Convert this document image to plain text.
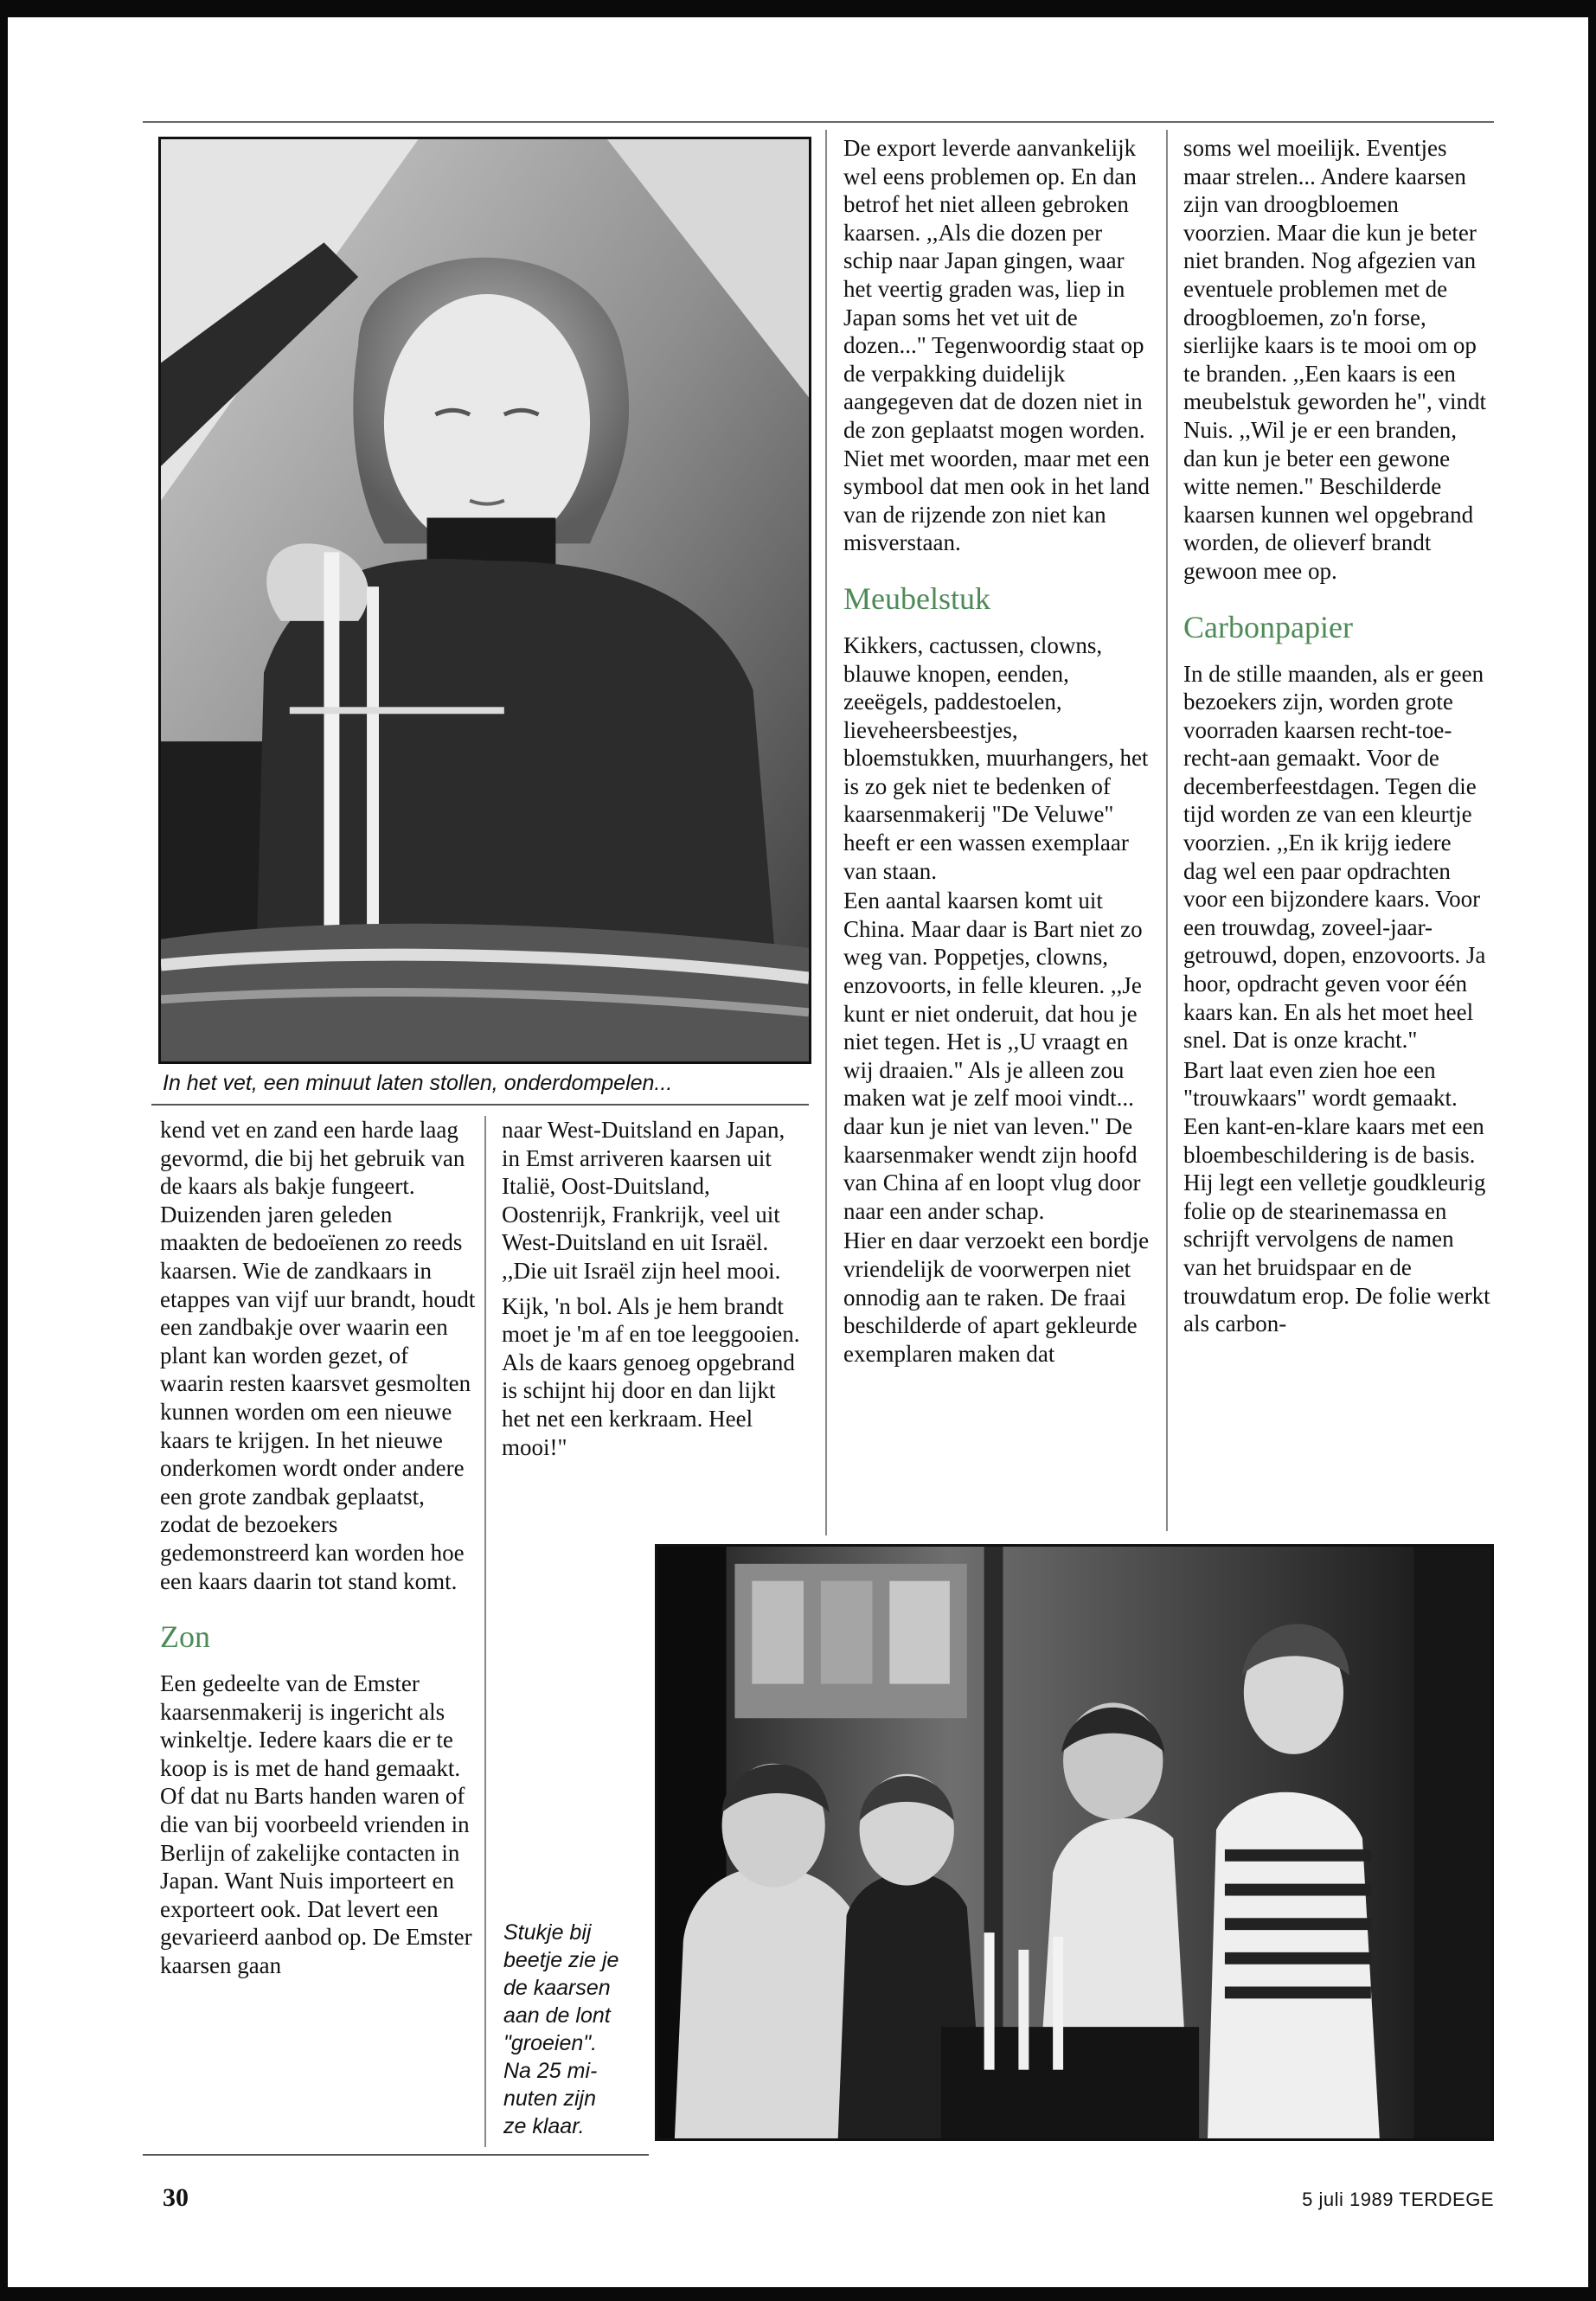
In het vet, een minuut laten stollen, onderdompelen...

kend vet en zand een harde laag gevormd, die bij het gebruik van de kaars als bakje fungeert. Duizenden jaren geleden maakten de bedoeïenen zo reeds kaarsen. Wie de zandkaars in etappes van vijf uur brandt, houdt een zandbakje over waarin een plant kan worden gezet, of waarin resten kaarsvet gesmolten kunnen worden om een nieuwe kaars te krijgen. In het nieuwe onderkomen wordt onder andere een grote zandbak geplaatst, zodat de bezoekers gedemonstreerd kan worden hoe een kaars daarin tot stand komt.

Zon

Een gedeelte van de Emster kaarsenmakerij is ingericht als winkeltje. Iedere kaars die er te koop is is met de hand gemaakt. Of dat nu Barts handen waren of die van bij voorbeeld vrienden in Berlijn of zakelijke contacten in Japan. Want Nuis importeert en exporteert ook. Dat levert een gevarieerd aanbod op. De Emster kaarsen gaan

naar West-Duitsland en Japan, in Emst arriveren kaarsen uit Italië, Oost-Duitsland, Oostenrijk, Frankrijk, veel uit West-Duitsland en uit Israël. ,,Die uit Israël zijn heel mooi.

Kijk, 'n bol. Als je hem brandt moet je 'm af en toe leeggooien. Als de kaars genoeg opgebrand is schijnt hij door en dan lijkt het net een kerkraam. Heel mooi!"

De export leverde aanvankelijk wel eens problemen op. En dan betrof het niet alleen gebroken kaarsen. ,,Als die dozen per schip naar Japan gingen, waar het veertig graden was, liep in Japan soms het vet uit de dozen..." Tegenwoordig staat op de verpakking duidelijk aangegeven dat de dozen niet in de zon geplaatst mogen worden. Niet met woorden, maar met een symbool dat men ook in het land van de rijzende zon niet kan misverstaan.

Meubelstuk

Kikkers, cactussen, clowns, blauwe knopen, eenden, zeeëgels, paddestoelen, lieveheersbeestjes, bloemstukken, muurhangers, het is zo gek niet te bedenken of kaarsenmakerij "De Veluwe" heeft er een wassen exemplaar van staan.

Een aantal kaarsen komt uit China. Maar daar is Bart niet zo weg van. Poppetjes, clowns, enzovoorts, in felle kleuren. ,,Je kunt er niet onderuit, dat hou je niet tegen. Het is ,,U vraagt en wij draaien." Als je alleen zou maken wat je zelf mooi vindt... daar kun je niet van leven." De kaarsenmaker wendt zijn hoofd van China af en loopt vlug door naar een ander schap.

Hier en daar verzoekt een bordje vriendelijk de voorwerpen niet onnodig aan te raken. De fraai beschilderde of apart gekleurde exemplaren maken dat

soms wel moeilijk. Eventjes maar strelen... Andere kaarsen zijn van droogbloemen voorzien. Maar die kun je beter niet branden. Nog afgezien van eventuele problemen met de droogbloemen, zo'n forse, sierlijke kaars is te mooi om op te branden. ,,Een kaars is een meubelstuk geworden he", vindt Nuis. ,,Wil je er een branden, dan kun je beter een gewone witte nemen." Beschilderde kaarsen kunnen wel opgebrand worden, de olieverf brandt gewoon mee op.

Carbonpapier

In de stille maanden, als er geen bezoekers zijn, worden grote voorraden kaarsen recht-toe-recht-aan gemaakt. Voor de decemberfeestdagen. Tegen die tijd worden ze van een kleurtje voorzien. ,,En ik krijg iedere dag wel een paar opdrachten voor een bijzondere kaars. Voor een trouwdag, zoveel-jaar-getrouwd, dopen, enzovoorts. Ja hoor, opdracht geven voor één kaars kan. En als het moet heel snel. Dat is onze kracht."

Bart laat even zien hoe een "trouwkaars" wordt gemaakt. Een kant-en-klare kaars met een bloembeschildering is de basis. Hij legt een velletje goudkleurig folie op de stearinemassa en schrijft vervolgens de namen van het bruidspaar en de trouwdatum erop. De folie werkt als carbon-

Stukje bij
beetje zie je
de kaarsen
aan de lont
"groeien".
Na 25 mi-
nuten zijn
ze klaar.
30	5 juli 1989 TERDEGE
